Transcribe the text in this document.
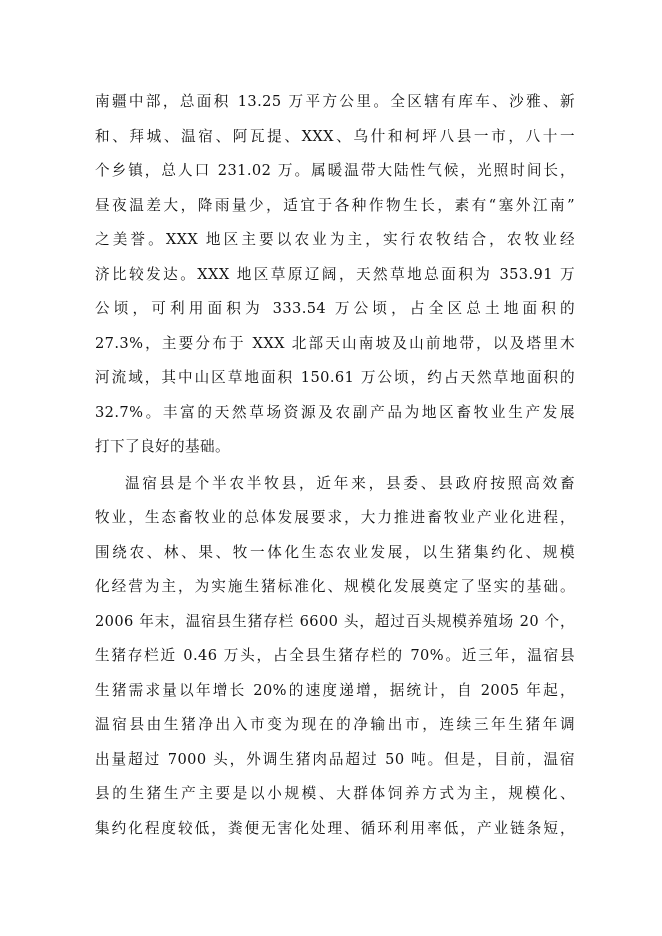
南疆中部，总面积 13.25 万平方公里。全区辖有库车、沙雅、新
和、拜城、温宿、阿瓦提、XXX、乌什和柯坪八县一市，八十一
个乡镇，总人口 231.02 万。属暖温带大陆性气候，光照时间长，
昼夜温差大，降雨量少，适宜于各种作物生长，素有“塞外江南”
之美誉。XXX 地区主要以农业为主，实行农牧结合，农牧业经
济比较发达。XXX 地区草原辽阔，天然草地总面积为 353.91 万
公顷，可利用面积为 333.54 万公顷，占全区总土地面积的
27.3%，主要分布于 XXX 北部天山南坡及山前地带，以及塔里木
河流域，其中山区草地面积 150.61 万公顷，约占天然草地面积的
32.7%。丰富的天然草场资源及农副产品为地区畜牧业生产发展
打下了良好的基础。
温宿县是个半农半牧县，近年来，县委、县政府按照高效畜
牧业，生态畜牧业的总体发展要求，大力推进畜牧业产业化进程，
围绕农、林、果、牧一体化生态农业发展，以生猪集约化、规模
化经营为主，为实施生猪标准化、规模化发展奠定了坚实的基础。
2006 年末，温宿县生猪存栏 6600 头，超过百头规模养殖场 20 个，
生猪存栏近 0.46 万头，占全县生猪存栏的 70%。近三年，温宿县
生猪需求量以年增长 20%的速度递增，据统计，自 2005 年起，
温宿县由生猪净出入市变为现在的净输出市，连续三年生猪年调
出量超过 7000 头，外调生猪肉品超过 50 吨。但是，目前，温宿
县的生猪生产主要是以小规模、大群体饲养方式为主，规模化、
集约化程度较低，粪便无害化处理、循环利用率低，产业链条短，
